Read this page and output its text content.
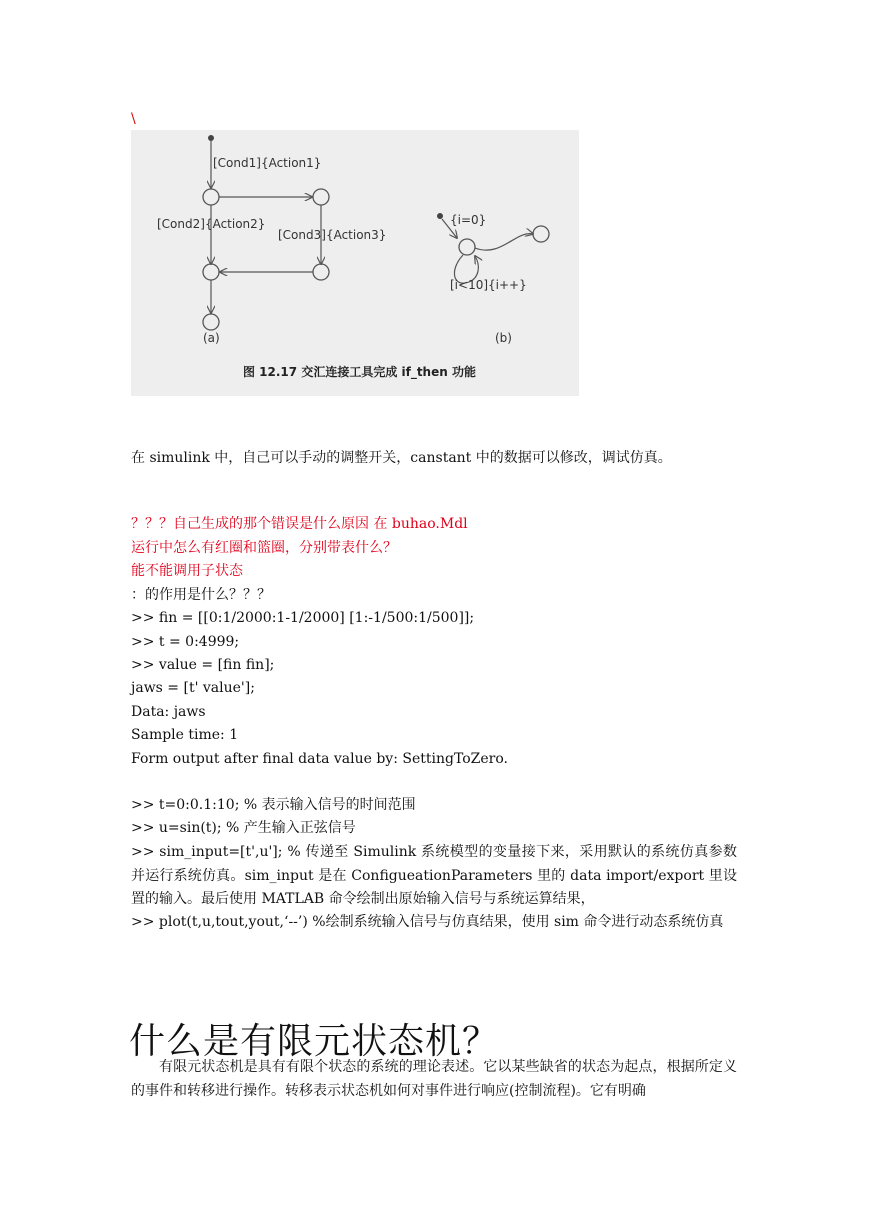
\
[Cond1]{Action1}
[Cond2]{Action2}
[Cond3]{Action3}
(a)
{i=0}
[i<10]{i++}
(b)
图 12.17 交汇连接工具完成 if_then 功能
在 simulink 中，自己可以手动的调整开关，canstant 中的数据可以修改，调试仿真。
？？？自己生成的那个错误是什么原因 在 buhao.Mdl
运行中怎么有红圈和篮圈，分别带表什么？
能不能调用子状态
：的作用是什么？？？
>> fin = [[0:1/2000:1-1/2000] [1:-1/500:1/500]];
>> t = 0:4999;
>> value = [fin fin];
jaws = [t' value'];
Data: jaws
Sample time: 1
Form output after final data value by: SettingToZero.
>> t=0:0.1:10; % 表示输入信号的时间范围
>> u=sin(t); % 产生输入正弦信号
>> sim_input=[t',u']; % 传递至 Simulink 系统模型的变量接下来，采用默认的系统仿真参数并运行系统仿真。sim_input 是在 ConfigueationParameters 里的 data import/export 里设置的输入。最后使用 MATLAB 命令绘制出原始输入信号与系统运算结果，
>> plot(t,u,tout,yout,‘--’) %绘制系统输入信号与仿真结果，使用 sim 命令进行动态系统仿真
什么是有限元状态机？
有限元状态机是具有有限个状态的系统的理论表述。它以某些缺省的状态为起点，根据所定义的事件和转移进行操作。转移表示状态机如何对事件进行响应(控制流程)。它有明确
